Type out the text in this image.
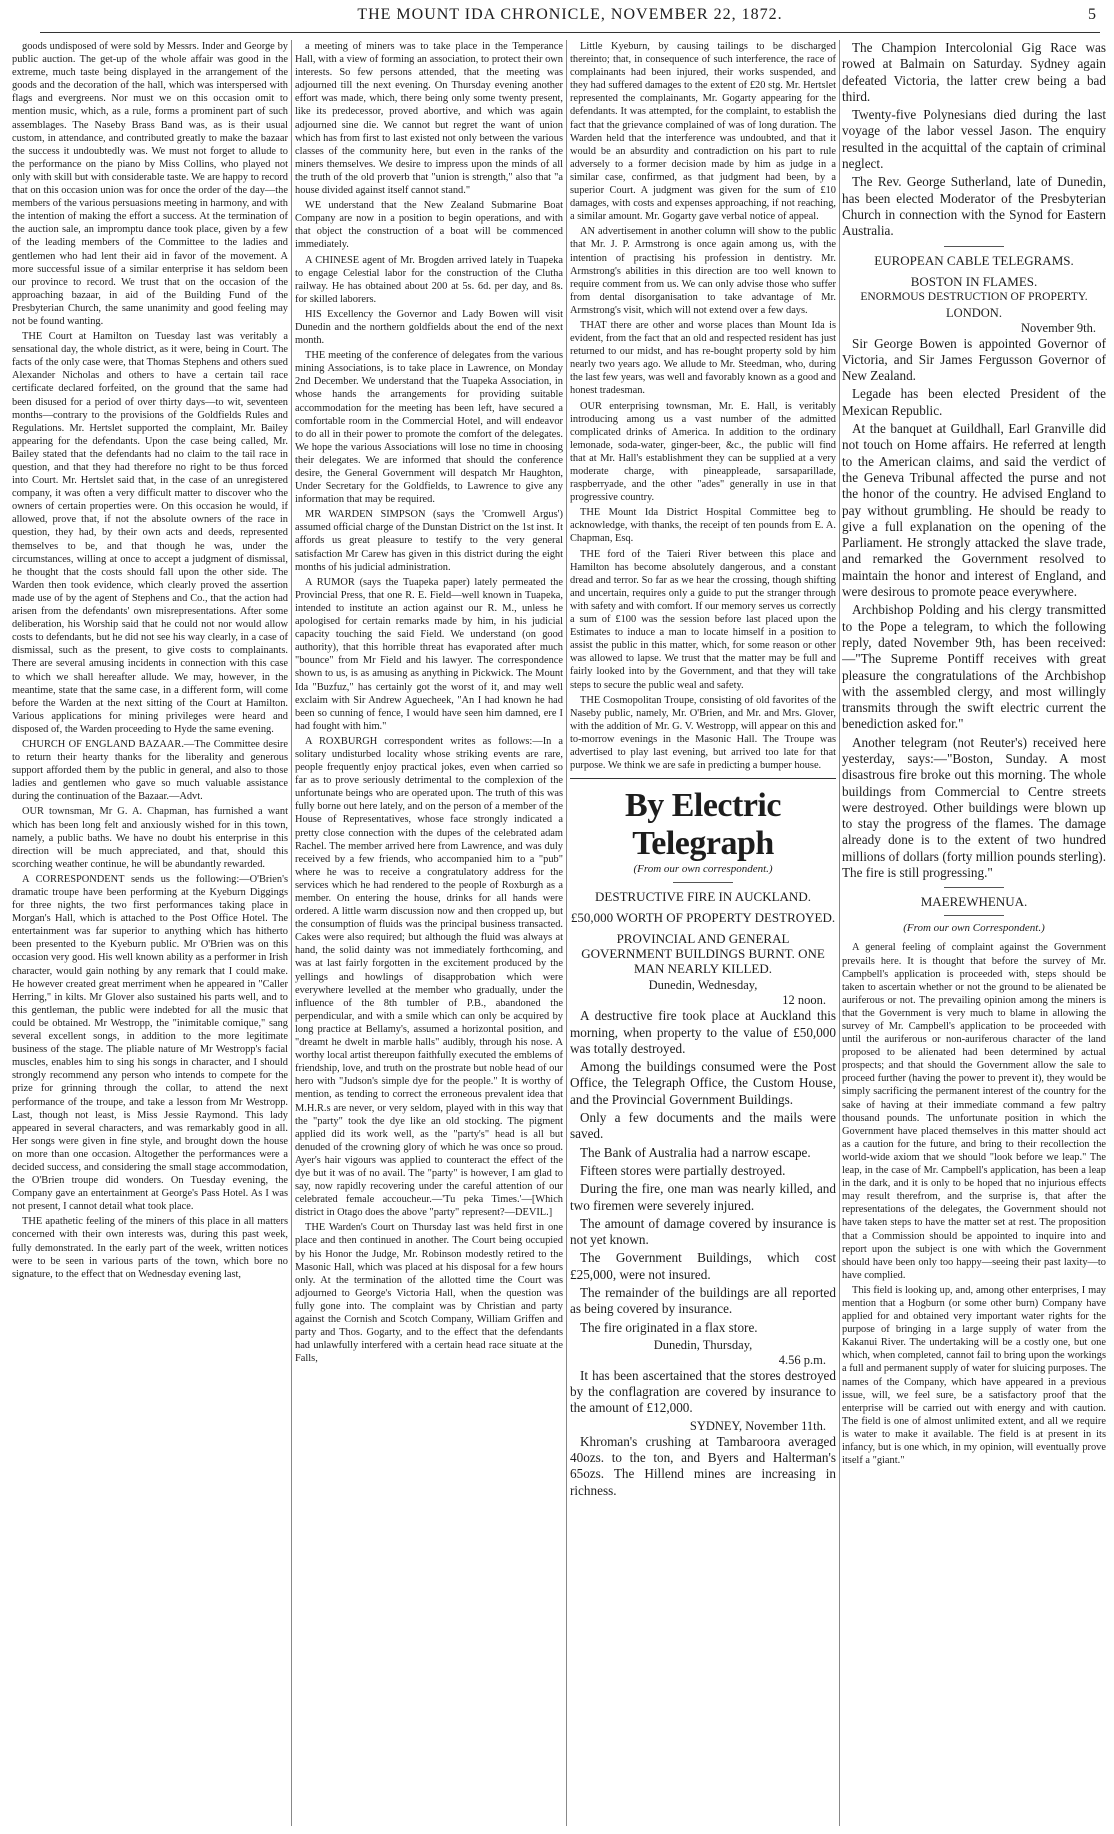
THE MOUNT IDA CHRONICLE, NOVEMBER 22, 1872.	5

goods undisposed of were sold by Messrs. Inder and George by public auction. The get-up of the whole affair was good in the extreme, much taste being displayed in the arrangement of the goods and the decoration of the hall, which was interspersed with flags and evergreens. Nor must we on this occasion omit to mention music, which, as a rule, forms a prominent part of such assemblages. The Naseby Brass Band was, as is their usual custom, in attendance, and contributed greatly to make the bazaar the success it undoubtedly was. We must not forget to allude to the performance on the piano by Miss Collins, who played not only with skill but with considerable taste. We are happy to record that on this occasion union was for once the order of the day—the members of the various persuasions meeting in harmony, and with the intention of making the effort a success. At the termination of the auction sale, an impromptu dance took place, given by a few of the leading members of the Committee to the ladies and gentlemen who had lent their aid in favor of the movement. A more successful issue of a similar enterprise it has seldom been our province to record. We trust that on the occasion of the approaching bazaar, in aid of the Building Fund of the Presbyterian Church, the same unanimity and good feeling may not be found wanting.

THE Court at Hamilton on Tuesday last was veritably a sensational day, the whole district, as it were, being in Court. The facts of the only case were, that Thomas Stephens and others sued Alexander Nicholas and others to have a certain tail race certificate declared forfeited, on the ground that the same had been disused for a period of over thirty days—to wit, seventeen months—contrary to the provisions of the Goldfields Rules and Regulations. Mr. Hertslet supported the complaint, Mr. Bailey appearing for the defendants. Upon the case being called, Mr. Bailey stated that the defendants had no claim to the tail race in question, and that they had therefore no right to be thus forced into Court. Mr. Hertslet said that, in the case of an unregistered company, it was often a very difficult matter to discover who the owners of certain properties were. On this occasion he would, if allowed, prove that, if not the absolute owners of the race in question, they had, by their own acts and deeds, represented themselves to be, and that though he was, under the circumstances, willing at once to accept a judgment of dismissal, he thought that the costs should fall upon the other side. The Warden then took evidence, which clearly proved the assertion made use of by the agent of Stephens and Co., that the action had arisen from the defendants' own misrepresentations. After some deliberation, his Worship said that he could not nor would allow costs to defendants, but he did not see his way clearly, in a case of dismissal, such as the present, to give costs to complainants. There are several amusing incidents in connection with this case to which we shall hereafter allude. We may, however, in the meantime, state that the same case, in a different form, will come before the Warden at the next sitting of the Court at Hamilton. Various applications for mining privileges were heard and disposed of, the Warden proceeding to Hyde the same evening.

CHURCH OF ENGLAND BAZAAR.—The Committee desire to return their hearty thanks for the liberality and generous support afforded them by the public in general, and also to those ladies and gentlemen who gave so much valuable assistance during the continuation of the Bazaar.—Advt.

OUR townsman, Mr G. A. Chapman, has furnished a want which has been long felt and anxiously wished for in this town, namely, a public baths. We have no doubt his enterprise in this direction will be much appreciated, and that, should this scorching weather continue, he will be abundantly rewarded.

A CORRESPONDENT sends us the following:—O'Brien's dramatic troupe have been performing at the Kyeburn Diggings for three nights, the two first performances taking place in Morgan's Hall, which is attached to the Post Office Hotel. The entertainment was far superior to anything which has hitherto been presented to the Kyeburn public. Mr O'Brien was on this occasion very good. His well known ability as a performer in Irish character, would gain nothing by any remark that I could make. He however created great merriment when he appeared in "Caller Herring," in kilts. Mr Glover also sustained his parts well, and to this gentleman, the public were indebted for all the music that could be obtained. Mr Westropp, the "inimitable comique," sang several excellent songs, in addition to the more legitimate business of the stage. The pliable nature of Mr Westropp's facial muscles, enables him to sing his songs in character, and I should strongly recommend any person who intends to compete for the prize for grinning through the collar, to attend the next performance of the troupe, and take a lesson from Mr Westropp. Last, though not least, is Miss Jessie Raymond. This lady appeared in several characters, and was remarkably good in all. Her songs were given in fine style, and brought down the house on more than one occasion. Altogether the performances were a decided success, and considering the small stage accommodation, the O'Brien troupe did wonders. On Tuesday evening, the Company gave an entertainment at George's Pass Hotel. As I was not present, I cannot detail what took place.

THE apathetic feeling of the miners of this place in all matters concerned with their own interests was, during this past week, fully demonstrated. In the early part of the week, written notices were to be seen in various parts of the town, which bore no signature, to the effect that on Wednesday evening last,

a meeting of miners was to take place in the Temperance Hall, with a view of forming an association, to protect their own interests. So few persons attended, that the meeting was adjourned till the next evening. On Thursday evening another effort was made, which, there being only some twenty present, like its predecessor, proved abortive, and which was again adjourned sine die. We cannot but regret the want of union which has from first to last existed not only between the various classes of the community here, but even in the ranks of the miners themselves. We desire to impress upon the minds of all the truth of the old proverb that "union is strength," also that "a house divided against itself cannot stand."

WE understand that the New Zealand Submarine Boat Company are now in a position to begin operations, and with that object the construction of a boat will be commenced immediately.

A CHINESE agent of Mr. Brogden arrived lately in Tuapeka to engage Celestial labor for the construction of the Clutha railway. He has obtained about 200 at 5s. 6d. per day, and 8s. for skilled laborers.

HIS Excellency the Governor and Lady Bowen will visit Dunedin and the northern goldfields about the end of the next month.

THE meeting of the conference of delegates from the various mining Associations, is to take place in Lawrence, on Monday 2nd December. We understand that the Tuapeka Association, in whose hands the arrangements for providing suitable accommodation for the meeting has been left, have secured a comfortable room in the Commercial Hotel, and will endeavor to do all in their power to promote the comfort of the delegates. We hope the various Associations will lose no time in choosing their delegates. We are informed that should the conference desire, the General Government will despatch Mr Haughton, Under Secretary for the Goldfields, to Lawrence to give any information that may be required.

MR WARDEN SIMPSON (says the 'Cromwell Argus') assumed official charge of the Dunstan District on the 1st inst. It affords us great pleasure to testify to the very general satisfaction Mr Carew has given in this district during the eight months of his judicial administration.

A RUMOR (says the Tuapeka paper) lately permeated the Provincial Press, that one R. E. Field—well known in Tuapeka, intended to institute an action against our R. M., unless he apologised for certain remarks made by him, in his judicial capacity touching the said Field. We understand (on good authority), that this horrible threat has evaporated after much "bounce" from Mr Field and his lawyer. The correspondence shown to us, is as amusing as anything in Pickwick. The Mount Ida "Buzfuz," has certainly got the worst of it, and may well exclaim with Sir Andrew Aguecheek, "An I had known he had been so cunning of fence, I would have seen him damned, ere I had fought with him."

A ROXBURGH correspondent writes as follows:—In a solitary undisturbed locality whose striking events are rare, people frequently enjoy practical jokes, even when carried so far as to prove seriously detrimental to the complexion of the unfortunate beings who are operated upon. The truth of this was fully borne out here lately, and on the person of a member of the House of Representatives, whose face strongly indicated a pretty close connection with the dupes of the celebrated adam Rachel. The member arrived here from Lawrence, and was duly received by a few friends, who accompanied him to a "pub" where he was to receive a congratulatory address for the services which he had rendered to the people of Roxburgh as a member. On entering the house, drinks for all hands were ordered. A little warm discussion now and then cropped up, but the consumption of fluids was the principal business transacted. Cakes were also required; but although the fluid was always at hand, the solid dainty was not immediately forthcoming, and was at last fairly forgotten in the excitement produced by the yellings and howlings of disapprobation which were everywhere levelled at the member who gradually, under the influence of the 8th tumbler of P.B., abandoned the perpendicular, and with a smile which can only be acquired by long practice at Bellamy's, assumed a horizontal position, and "dreamt he dwelt in marble halls" audibly, through his nose. A worthy local artist thereupon faithfully executed the emblems of friendship, love, and truth on the prostrate but noble head of our hero with "Judson's simple dye for the people." It is worthy of mention, as tending to correct the erroneous prevalent idea that M.H.R.s are never, or very seldom, played with in this way that the "party" took the dye like an old stocking. The pigment applied did its work well, as the "party's" head is all but denuded of the crowning glory of which he was once so proud. Ayer's hair vigours was applied to counteract the effect of the dye but it was of no avail. The "party" is however, I am glad to say, now rapidly recovering under the careful attention of our celebrated female accoucheur.—'Tu peka Times.'—[Which district in Otago does the above "party" represent?—DEVIL.]

THE Warden's Court on Thursday last was held first in one place and then continued in another. The Court being occupied by his Honor the Judge, Mr. Robinson modestly retired to the Masonic Hall, which was placed at his disposal for a few hours only. At the termination of the allotted time the Court was adjourned to George's Victoria Hall, when the question was fully gone into. The complaint was by Christian and party against the Cornish and Scotch Company, William Griffen and party and Thos. Gogarty, and to the effect that the defendants had unlawfully interfered with a certain head race situate at the Falls,

Little Kyeburn, by causing tailings to be discharged thereinto; that, in consequence of such interference, the race of complainants had been injured, their works suspended, and they had suffered damages to the extent of £20 stg. Mr. Hertslet represented the complainants, Mr. Gogarty appearing for the defendants. It was attempted, for the complaint, to establish the fact that the grievance complained of was of long duration. The Warden held that the interference was undoubted, and that it would be an absurdity and contradiction on his part to rule adversely to a former decision made by him as judge in a similar case, confirmed, as that judgment had been, by a superior Court. A judgment was given for the sum of £10 damages, with costs and expenses approaching, if not reaching, a similar amount. Mr. Gogarty gave verbal notice of appeal.

AN advertisement in another column will show to the public that Mr. J. P. Armstrong is once again among us, with the intention of practising his profession in dentistry. Mr. Armstrong's abilities in this direction are too well known to require comment from us. We can only advise those who suffer from dental disorganisation to take advantage of Mr. Armstrong's visit, which will not extend over a few days.

THAT there are other and worse places than Mount Ida is evident, from the fact that an old and respected resident has just returned to our midst, and has re-bought property sold by him nearly two years ago. We allude to Mr. Steedman, who, during the last few years, was well and favorably known as a good and honest tradesman.

OUR enterprising townsman, Mr. E. Hall, is veritably introducing among us a vast number of the admitted complicated drinks of America. In addition to the ordinary lemonade, soda-water, ginger-beer, &c., the public will find that at Mr. Hall's establishment they can be supplied at a very moderate charge, with pineappleade, sarsaparillade, raspberryade, and the other "ades" generally in use in that progressive country.

THE Mount Ida District Hospital Committee beg to acknowledge, with thanks, the receipt of ten pounds from E. A. Chapman, Esq.

THE ford of the Taieri River between this place and Hamilton has become absolutely dangerous, and a constant dread and terror. So far as we hear the crossing, though shifting and uncertain, requires only a guide to put the stranger through with safety and with comfort. If our memory serves us correctly a sum of £100 was the session before last placed upon the Estimates to induce a man to locate himself in a position to assist the public in this matter, which, for some reason or other was allowed to lapse. We trust that the matter may be full and fairly looked into by the Government, and that they will take steps to secure the public weal and safety.

THE Cosmopolitan Troupe, consisting of old favorites of the Naseby public, namely, Mr. O'Brien, and Mr. and Mrs. Glover, with the addition of Mr. G. V. Westropp, will appear on this and to-morrow evenings in the Masonic Hall. The Troupe was advertised to play last evening, but arrived too late for that purpose. We think we are safe in predicting a bumper house.

By Electric Telegraph
(From our own correspondent.)
DESTRUCTIVE FIRE IN AUCKLAND.
£50,000 WORTH OF PROPERTY DESTROYED.
PROVINCIAL AND GENERAL GOVERNMENT BUILDINGS BURNT. ONE MAN NEARLY KILLED.
Dunedin, Wednesday,
12 noon.

A destructive fire took place at Auckland this morning, when property to the value of £50,000 was totally destroyed.

Among the buildings consumed were the Post Office, the Telegraph Office, the Custom House, and the Provincial Government Buildings.

Only a few documents and the mails were saved.

The Bank of Australia had a narrow escape.

Fifteen stores were partially destroyed.

During the fire, one man was nearly killed, and two firemen were severely injured.

The amount of damage covered by insurance is not yet known.

The Government Buildings, which cost £25,000, were not insured.

The remainder of the buildings are all reported as being covered by insurance.

The fire originated in a flax store.

Dunedin, Thursday,
4.56 p.m.

It has been ascertained that the stores destroyed by the conflagration are covered by insurance to the amount of £12,000.

SYDNEY, November 11th.

Khroman's crushing at Tambaroora averaged 40ozs. to the ton, and Byers and Halterman's 65ozs. The Hillend mines are increasing in richness.

The Champion Intercolonial Gig Race was rowed at Balmain on Saturday. Sydney again defeated Victoria, the latter crew being a bad third.

Twenty-five Polynesians died during the last voyage of the labor vessel Jason. The enquiry resulted in the acquittal of the captain of criminal neglect.

The Rev. George Sutherland, late of Dunedin, has been elected Moderator of the Presbyterian Church in connection with the Synod for Eastern Australia.

EUROPEAN CABLE TELEGRAMS.
BOSTON IN FLAMES.
ENORMOUS DESTRUCTION OF PROPERTY.
LONDON.
November 9th.

Sir George Bowen is appointed Governor of Victoria, and Sir James Fergusson Governor of New Zealand.

Legade has been elected President of the Mexican Republic.

At the banquet at Guildhall, Earl Granville did not touch on Home affairs. He referred at length to the American claims, and said the verdict of the Geneva Tribunal affected the purse and not the honor of the country. He advised England to pay without grumbling. He should be ready to give a full explanation on the opening of the Parliament. He strongly attacked the slave trade, and remarked the Government resolved to maintain the honor and interest of England, and were desirous to promote peace everywhere.

Archbishop Polding and his clergy transmitted to the Pope a telegram, to which the following reply, dated November 9th, has been received:—"The Supreme Pontiff receives with great pleasure the congratulations of the Archbishop with the assembled clergy, and most willingly transmits through the swift electric current the benediction asked for."

Another telegram (not Reuter's) received here yesterday, says:—"Boston, Sunday. A most disastrous fire broke out this morning. The whole buildings from Commercial to Centre streets were destroyed. Other buildings were blown up to stay the progress of the flames. The damage already done is to the extent of two hundred millions of dollars (forty million pounds sterling). The fire is still progressing."

MAEREWHENUA.
(From our own Correspondent.)

A general feeling of complaint against the Government prevails here. It is thought that before the survey of Mr. Campbell's application is proceeded with, steps should be taken to ascertain whether or not the ground to be alienated be auriferous or not. The prevailing opinion among the miners is that the Government is very much to blame in allowing the survey of Mr. Campbell's application to be proceeded with until the auriferous or non-auriferous character of the land proposed to be alienated had been determined by actual prospects; and that should the Government allow the sale to proceed further (having the power to prevent it), they would be simply sacrificing the permanent interest of the country for the sake of having at their immediate command a few paltry thousand pounds. The unfortunate position in which the Government have placed themselves in this matter should act as a caution for the future, and bring to their recollection the world-wide axiom that we should "look before we leap." The leap, in the case of Mr. Campbell's application, has been a leap in the dark, and it is only to be hoped that no injurious effects may result therefrom, and the surprise is, that after the representations of the delegates, the Government should not have taken steps to have the matter set at rest. The proposition that a Commission should be appointed to inquire into and report upon the subject is one with which the Government should have been only too happy—seeing their past laxity—to have complied.

This field is looking up, and, among other enterprises, I may mention that a Hogburn (or some other burn) Company have applied for and obtained very important water rights for the purpose of bringing in a large supply of water from the Kakanui River. The undertaking will be a costly one, but one which, when completed, cannot fail to bring upon the workings a full and permanent supply of water for sluicing purposes. The names of the Company, which have appeared in a previous issue, will, we feel sure, be a satisfactory proof that the enterprise will be carried out with energy and with caution. The field is one of almost unlimited extent, and all we require is water to make it available. The field is at present in its infancy, but is one which, in my opinion, will eventually prove itself a "giant."
